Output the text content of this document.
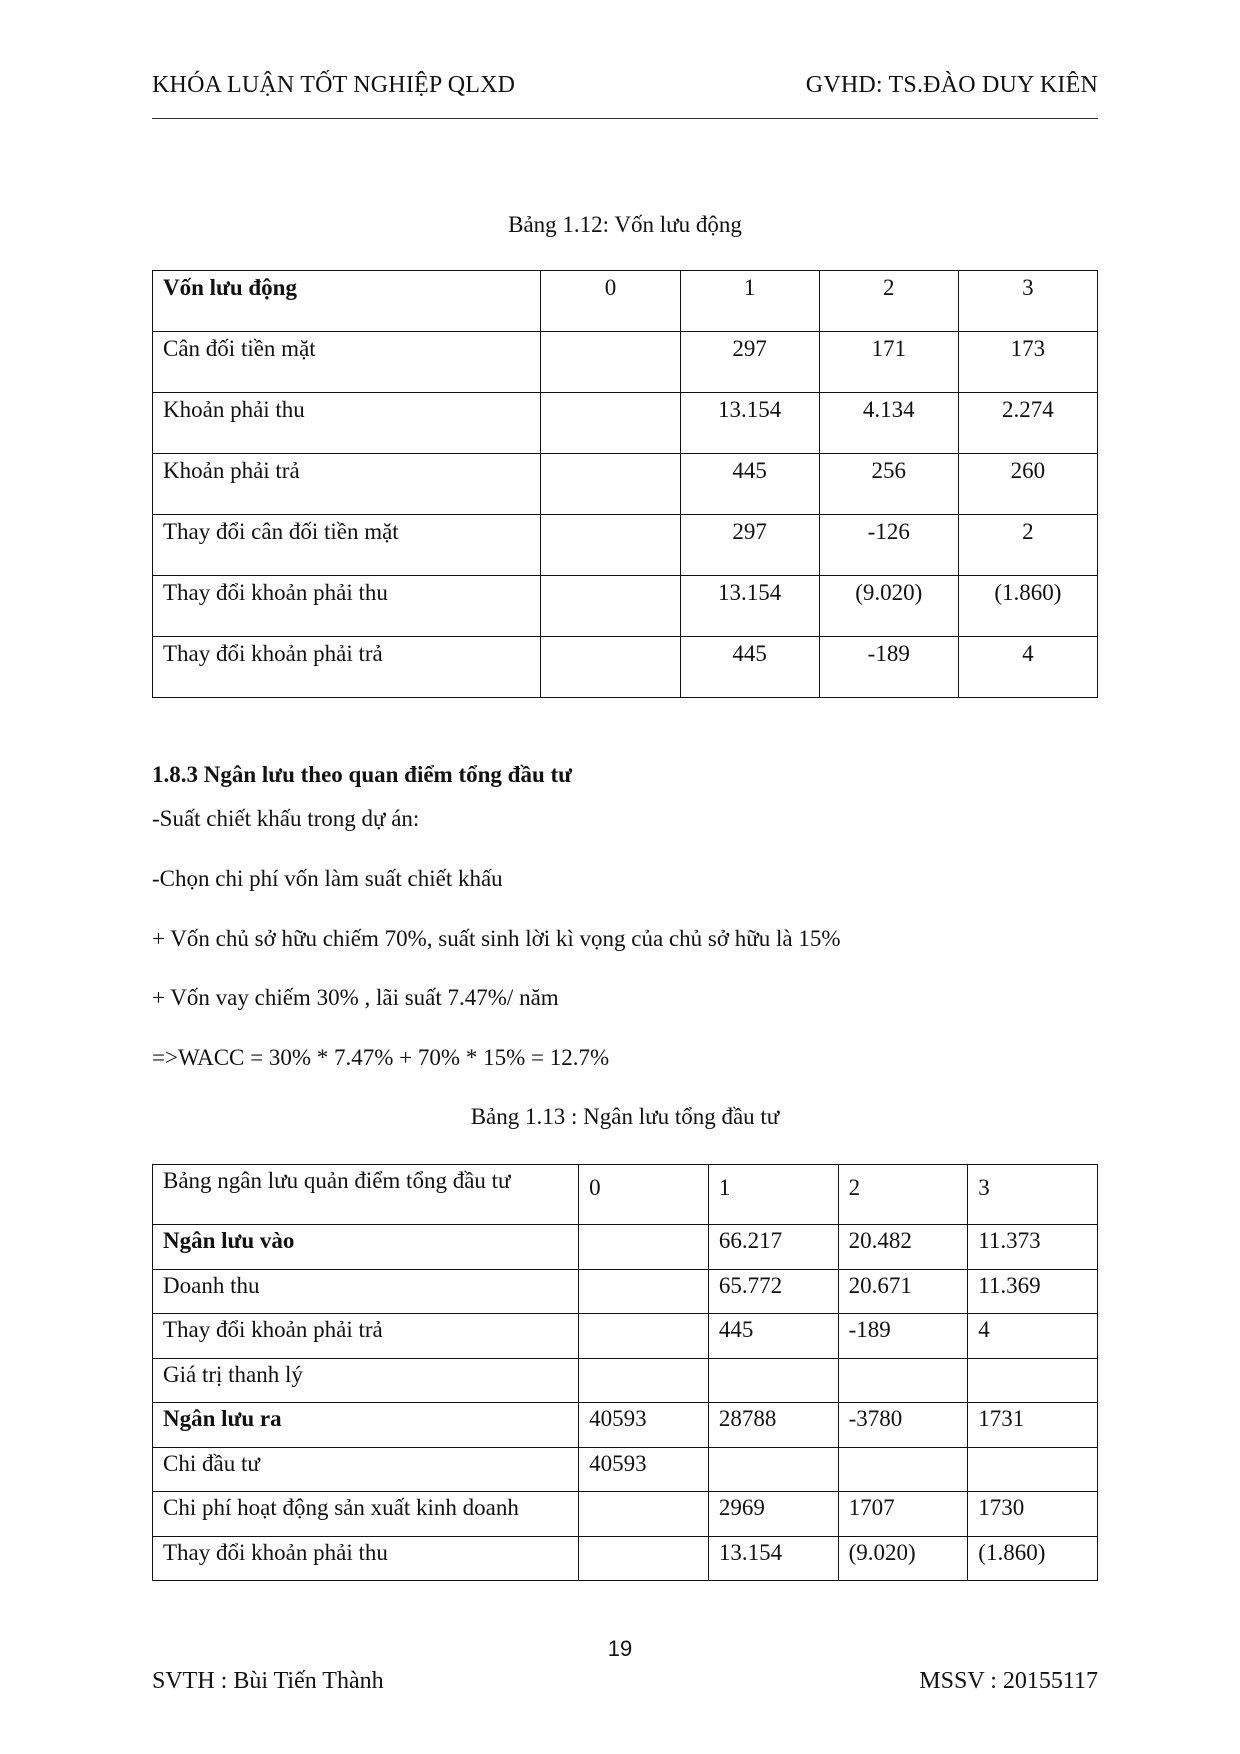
KHÓA LUẬN TỐT NGHIỆP QLXD	GVHD: TS.ĐÀO DUY KIÊN
Bảng 1.12: Vốn lưu động
Vốn lưu động	0	1	2	3
Cân đối tiền mặt		297	171	173
Khoản phải thu		13.154	4.134	2.274
Khoản phải trả		445	256	260
Thay đổi cân đối tiền mặt		297	-126	2
Thay đổi khoản phải thu		13.154	(9.020)	(1.860)
Thay đổi khoản phải trả		445	-189	4
1.8.3 Ngân lưu theo quan điểm tổng đầu tư
-Suất chiết khấu trong dự án:
-Chọn chi phí vốn làm suất chiết khấu
+ Vốn chủ sở hữu chiếm 70%, suất sinh lời kì vọng của chủ sở hữu là 15%
+ Vốn vay chiếm 30% , lãi suất 7.47%/ năm
=>WACC = 30% * 7.47% + 70% * 15% = 12.7%
Bảng 1.13 : Ngân lưu tổng đầu tư
Bảng ngân lưu quản điểm tổng đầu tư	0	1	2	3
Ngân lưu vào		66.217	20.482	11.373
Doanh thu		65.772	20.671	11.369
Thay đổi khoản phải trả		445	-189	4
Giá trị thanh lý				
Ngân lưu ra	40593	28788	-3780	1731
Chi đầu tư	40593			
Chi phí hoạt động sản xuất kinh doanh		2969	1707	1730
Thay đổi khoản phải thu		13.154	(9.020)	(1.860)
19
SVTH : Bùi Tiến Thành	MSSV : 20155117
